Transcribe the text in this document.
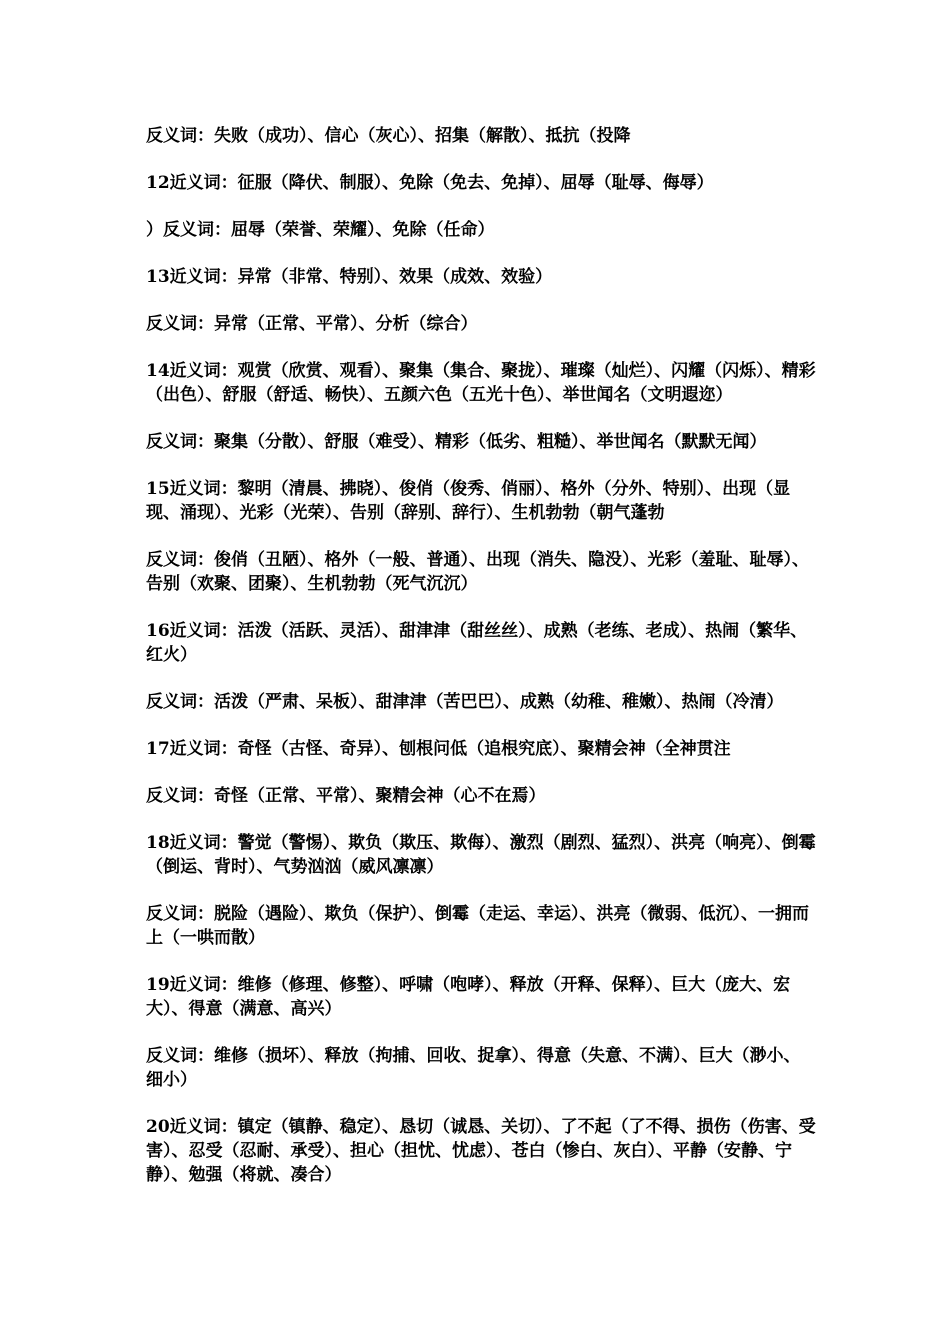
反义词：失败（成功）、信心（灰心）、招集（解散）、抵抗（投降

12近义词：征服（降伏、制服）、免除（免去、免掉）、屈辱（耻辱、侮辱）

）反义词：屈辱（荣誉、荣耀）、免除（任命）

13近义词：异常（非常、特别）、效果（成效、效验）

反义词：异常（正常、平常）、分析（综合）

14近义词：观赏（欣赏、观看）、聚集（集合、聚拢）、璀璨（灿烂）、闪耀（闪烁）、精彩（出色）、舒服（舒适、畅快）、五颜六色（五光十色）、举世闻名（文明遐迩）

反义词：聚集（分散）、舒服（难受）、精彩（低劣、粗糙）、举世闻名（默默无闻）

15近义词：黎明（清晨、拂晓）、俊俏（俊秀、俏丽）、格外（分外、特别）、出现（显现、涌现）、光彩（光荣）、告别（辞别、辞行）、生机勃勃（朝气蓬勃

反义词：俊俏（丑陋）、格外（一般、普通）、出现（消失、隐没）、光彩（羞耻、耻辱）、告别（欢聚、团聚）、生机勃勃（死气沉沉）

16近义词：活泼（活跃、灵活）、甜津津（甜丝丝）、成熟（老练、老成）、热闹（繁华、红火）

反义词：活泼（严肃、呆板）、甜津津（苦巴巴）、成熟（幼稚、稚嫩）、热闹（冷清）

17近义词：奇怪（古怪、奇异）、刨根问低（追根究底）、聚精会神（全神贯注

反义词：奇怪（正常、平常）、聚精会神（心不在焉）

18近义词：警觉（警惕）、欺负（欺压、欺侮）、激烈（剧烈、猛烈）、洪亮（响亮）、倒霉（倒运、背时）、气势汹汹（威风凛凛）

反义词：脱险（遇险）、欺负（保护）、倒霉（走运、幸运）、洪亮（微弱、低沉）、一拥而上（一哄而散）

19近义词：维修（修理、修整）、呼啸（咆哮）、释放（开释、保释）、巨大（庞大、宏大）、得意（满意、高兴）

反义词：维修（损坏）、释放（拘捕、回收、捉拿）、得意（失意、不满）、巨大（渺小、细小）

20近义词：镇定（镇静、稳定）、恳切（诚恳、关切）、了不起（了不得、损伤（伤害、受害）、忍受（忍耐、承受）、担心（担忧、忧虑）、苍白（惨白、灰白）、平静（安静、宁静）、勉强（将就、凑合）
